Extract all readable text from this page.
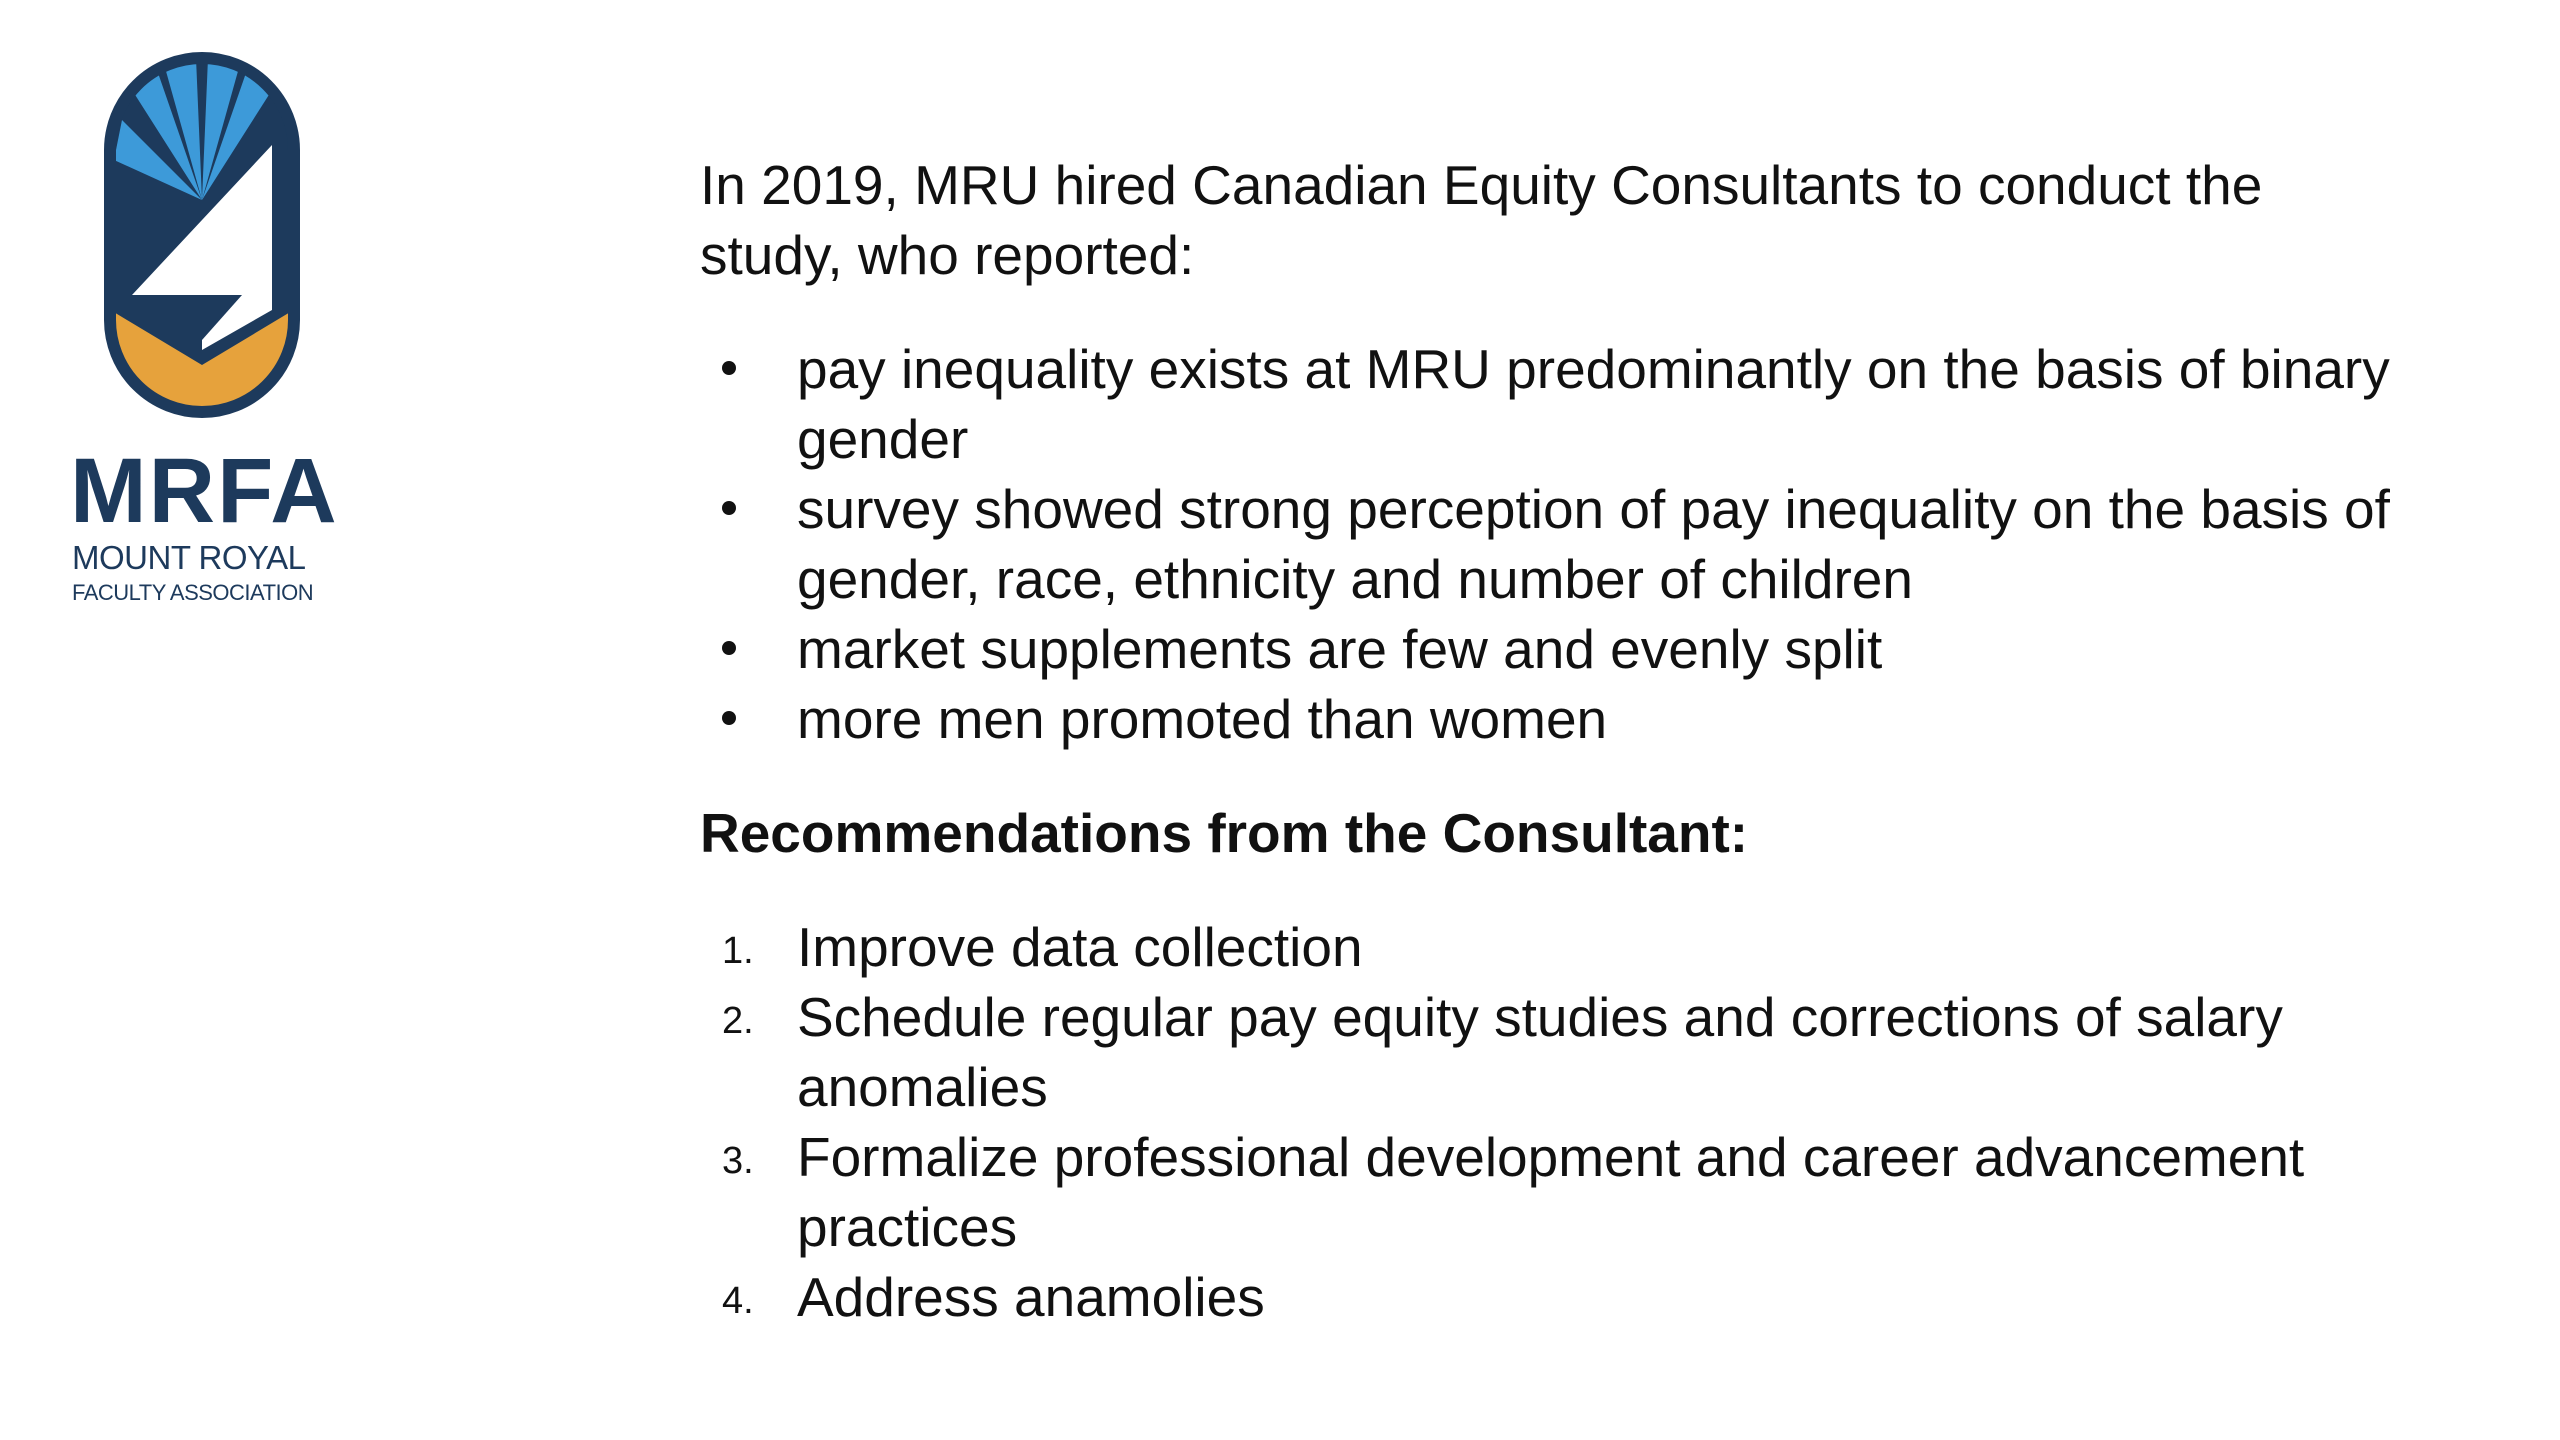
MRFA
MOUNT ROYAL
FACULTY ASSOCIATION

In 2019, MRU hired Canadian Equity Consultants to conduct the study, who reported:

pay inequality exists at MRU predominantly on the basis of binary gender
survey showed strong perception of pay inequality on the basis of gender, race, ethnicity and number of children
market supplements are few and evenly split
more men promoted than women

Recommendations from the Consultant:

1. Improve data collection
2. Schedule regular pay equity studies and corrections of salary anomalies
3. Formalize professional development and career advancement practices
4. Address anamolies
